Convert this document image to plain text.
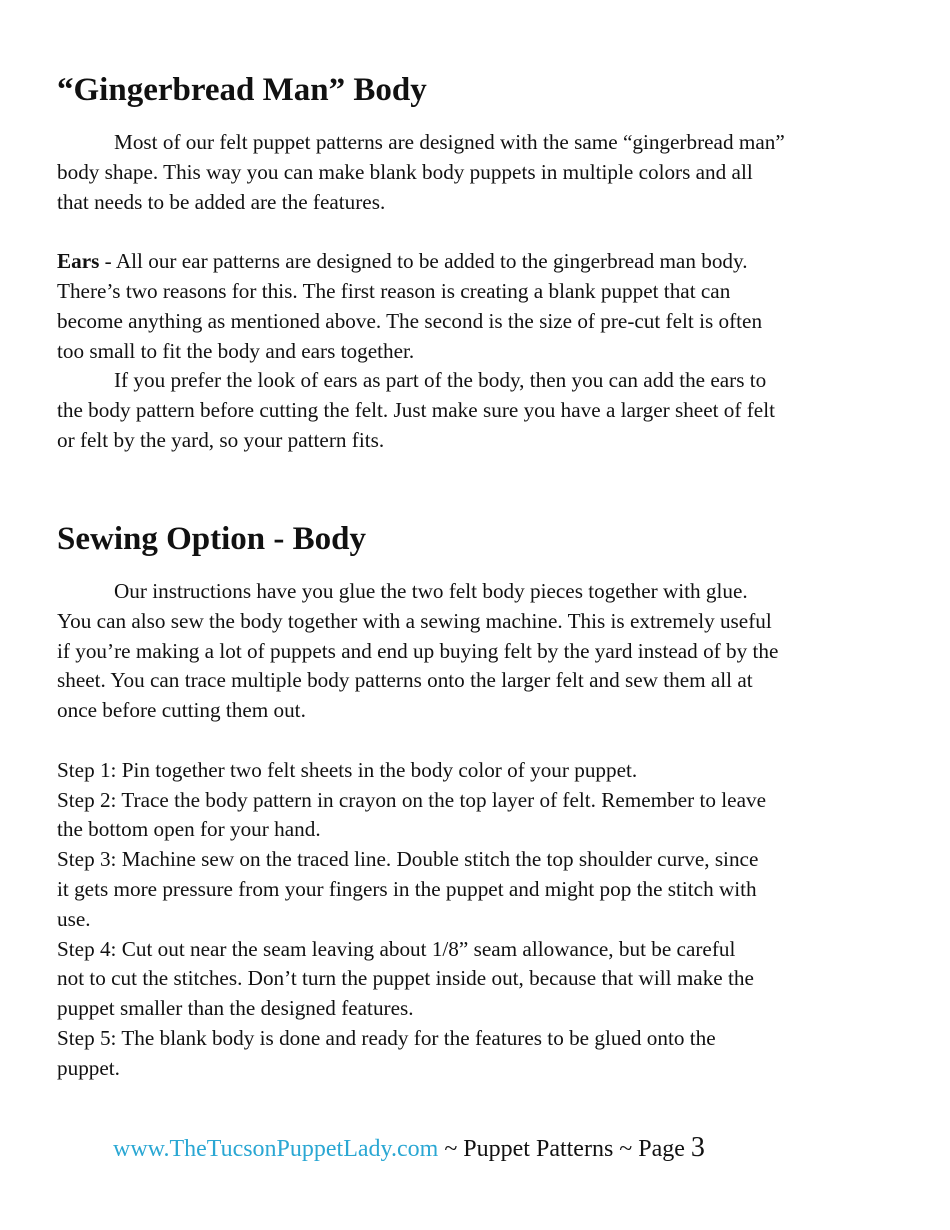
“Gingerbread Man” Body
Most of our felt puppet patterns are designed with the same “gingerbread man”
body shape. This way you can make blank body puppets in multiple colors and all
that needs to be added are the features.
Ears - All our ear patterns are designed to be added to the gingerbread man body.
There’s two reasons for this. The first reason is creating a blank puppet that can
become anything as mentioned above. The second is the size of pre-cut felt is often
too small to fit the body and ears together.
If you prefer the look of ears as part of the body, then you can add the ears to
the body pattern before cutting the felt. Just make sure you have a larger sheet of felt
or felt by the yard, so your pattern fits.
Sewing Option - Body
Our instructions have you glue the two felt body pieces together with glue.
You can also sew the body together with a sewing machine. This is extremely useful
if you’re making a lot of puppets and end up buying felt by the yard instead of by the
sheet. You can trace multiple body patterns onto the larger felt and sew them all at
once before cutting them out.
Step 1: Pin together two felt sheets in the body color of your puppet.
Step 2: Trace the body pattern in crayon on the top layer of felt. Remember to leave
the bottom open for your hand.
Step 3: Machine sew on the traced line. Double stitch the top shoulder curve, since
it gets more pressure from your fingers in the puppet and might pop the stitch with
use.
Step 4: Cut out near the seam leaving about 1/8” seam allowance, but be careful
not to cut the stitches. Don’t turn the puppet inside out, because that will make the
puppet smaller than the designed features.
Step 5: The blank body is done and ready for the features to be glued onto the
puppet.
www.TheTucsonPuppetLady.com ~ Puppet Patterns ~ Page 3
